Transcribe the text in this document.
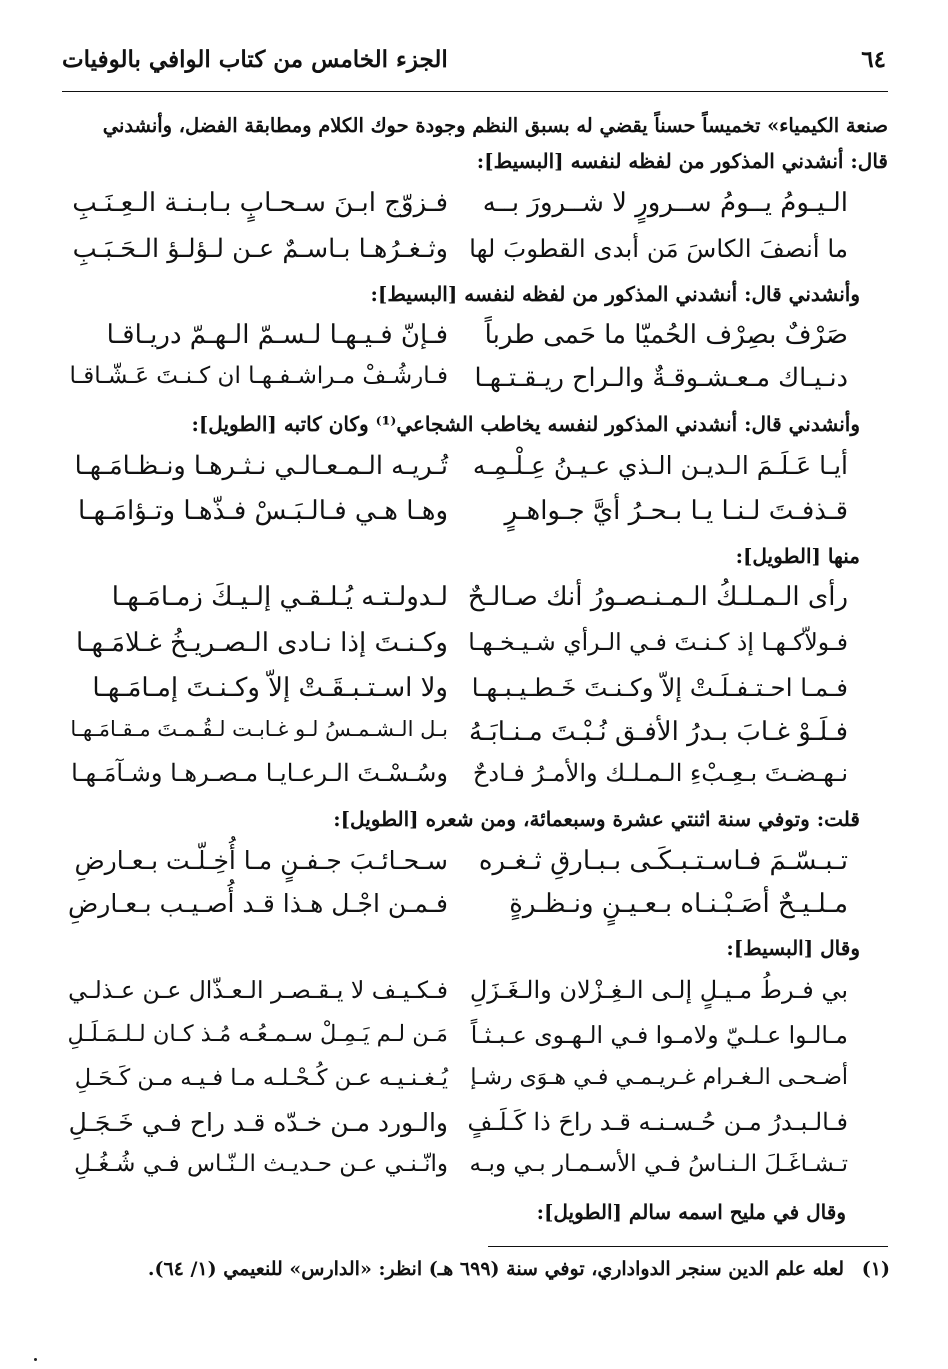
٦٤
الجزء الخامس من كتاب الوافي بالوفيات
صنعة الكيمياء» تخميساً حسناً يقضي له بسبق النظم وجودة حوك الكلام ومطابقة الفضل، وأنشدني
قال: أنشدني المذكور من لفظه لنفسه [البسيط]:
الـيـومُ يــومُ ســرورٍ لا شــرورَ بــه
فـزوّج ابـنَ سـحـابٍ بـابـنـة الـعِـنَـبِ
ما أنصفَ الكاسَ مَن أبدى القطوبَ لها
وثـغـرُهـا بـاسـمٌ عـن لـؤلـؤ الـحَـبَـبِ
وأنشدني قال: أنشدني المذكور من لفظه لنفسه [البسيط]:
صَرْفٌ بصِرْف الحُميّا ما حَمى طرباً
فـإنّ فـيـهـا لـسـمّ الـهـمّ دريـاقـا
دنـيـاك مـعـشـوقـةٌ والـراح ريـقـتـهـا
فـارشُـفْ مـراشـفـهـا ان كـنـتَ عَـشّـاقـا
وأنشدني قال: أنشدني المذكور لنفسه يخاطب الشجاعي⁽¹⁾ وكان كاتبه [الطويل]:
أيـا عَـلَـمَ الـديـن الـذي عـيـنُ عِـلْـمِـه
تُـريـه الـمـعـالـي نـثـرهـا ونـظـامَـهـا
قـذفـتَ لـنـا يـا بـحـرُ أيَّ جـواهـرٍ
وهـا هـي فـالـبَـسْ فـذّهـا وتـؤامَـهـا
منها [الطويل]:
رأى الـمـلـكُ الـمـنـصـورُ أنك صـالـحٌ
لـدولـتـه يُـلـقـي إلـيـكَ زمـامَـهـا
فـولاّكـهـا إذ كـنـتَ فـي الـرأي شـيـخـهـا
وكـنـتَ إذا نـادى الـصـريـخُ غـلامَـهـا
فـمـا احـتـفـلَـتْ إلاّ وكـنـتَ خَـطـيـبـهـا
ولا اسـتـبـقَـتْ إلاّ وكـنـتَ إمـامَـهـا
فـلَـوْ غـابَ بـدرُ الأفـق نُـبْـتَ مـنـابَـهُ
بـل الـشـمـسُ لـو غـابـت لـقُـمـتَ مـقـامَـهـا
نـهـضـتَ بـعِـبْءِ الـمـلـك والأمـرُ فـادحٌ
وسُـسْـتَ الـرعـايـا مـصـرهـا وشـآمَـهـا
قلت: وتوفي سنة اثنتي عشرة وسبعمائة، ومن شعره [الطويل]:
تـبـسّـمَ فـاسـتـبـكَـى بـبـارقِ ثـغـره
سـحـائـبَ جـفـنٍ مـا أُخِـلّـت بـعـارضِ
مـلـيـحٌ أصَـبْـنـاه بـعـيـنٍ ونـظـرةٍ
فـمـن اجْـل هـذا قـد أُصـيـب بـعـارضِ
وقال [البسيط]:
بي فـرطُ مـيـلٍ إلـى الـغِـزْلان والـغَـزَلِ
فـكـيـف لا يـقـصـر الـعـذّال عـن عـذلـي
مـالـوا عـلـيّ ولامـوا فـي الـهـوى عـبـثـاً
مَـن لـم يَـمِـلْ سـمـعُـه مُـذ كـان لـلـمَـلَـلِ
أضـحـى الـغـرام غـريـمـي فـي هـوَى رشـإ
يُـغـنـيـه عـن كُـحْـلـه مـا فـيـه مـن كَـحَـلِ
فـالـبـدرُ مـن حُـسـنـه قـد راحَ ذا كَـلَـفٍ
والـورد مـن خـدّه قـد راح فـي خَـجَـلِ
تـشـاغَـلَ الـنـاسُ فـي الأسـمـار بـي وبـه
وانّـنـي عـن حـديـث الـنّـاس فـي شُـغُـلِ
وقال في مليح اسمه سالم [الطويل]:
(١)
لعله علم الدين سنجر الدواداري، توفي سنة (٦٩٩ هـ) انظر: «الدارس» للنعيمي (١/ ٦٤).
